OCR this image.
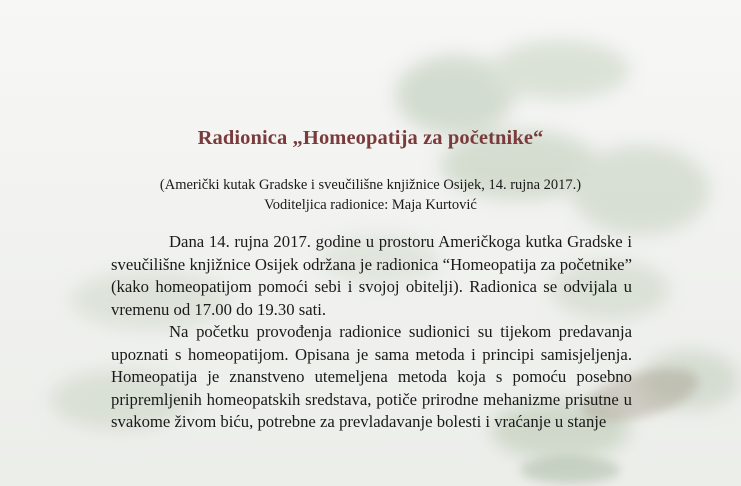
Radionica „Homeopatija za početnike“

(Američki kutak Gradske i sveučilišne knjižnice Osijek, 14. rujna 2017.)

Voditeljica radionice: Maja Kurtović

Dana 14. rujna 2017. godine u prostoru Američkoga kutka Gradske i sveučilišne knjižnice Osijek održana je radionica “Homeopatija za početnike” (kako homeopatijom pomoći sebi i svojoj obitelji). Radionica se odvijala u vremenu od 17.00 do 19.30 sati.

Na početku provođenja radionice sudionici su tijekom predavanja upoznati s homeopatijom. Opisana je sama metoda i principi samisjeljenja. Homeopatija je znanstveno utemeljena metoda koja s pomoću posebno pripremljenih homeopatskih sredstava, potiče prirodne mehanizme prisutne u svakome živom biću, potrebne za prevladavanje bolesti i vraćanje u stanje
